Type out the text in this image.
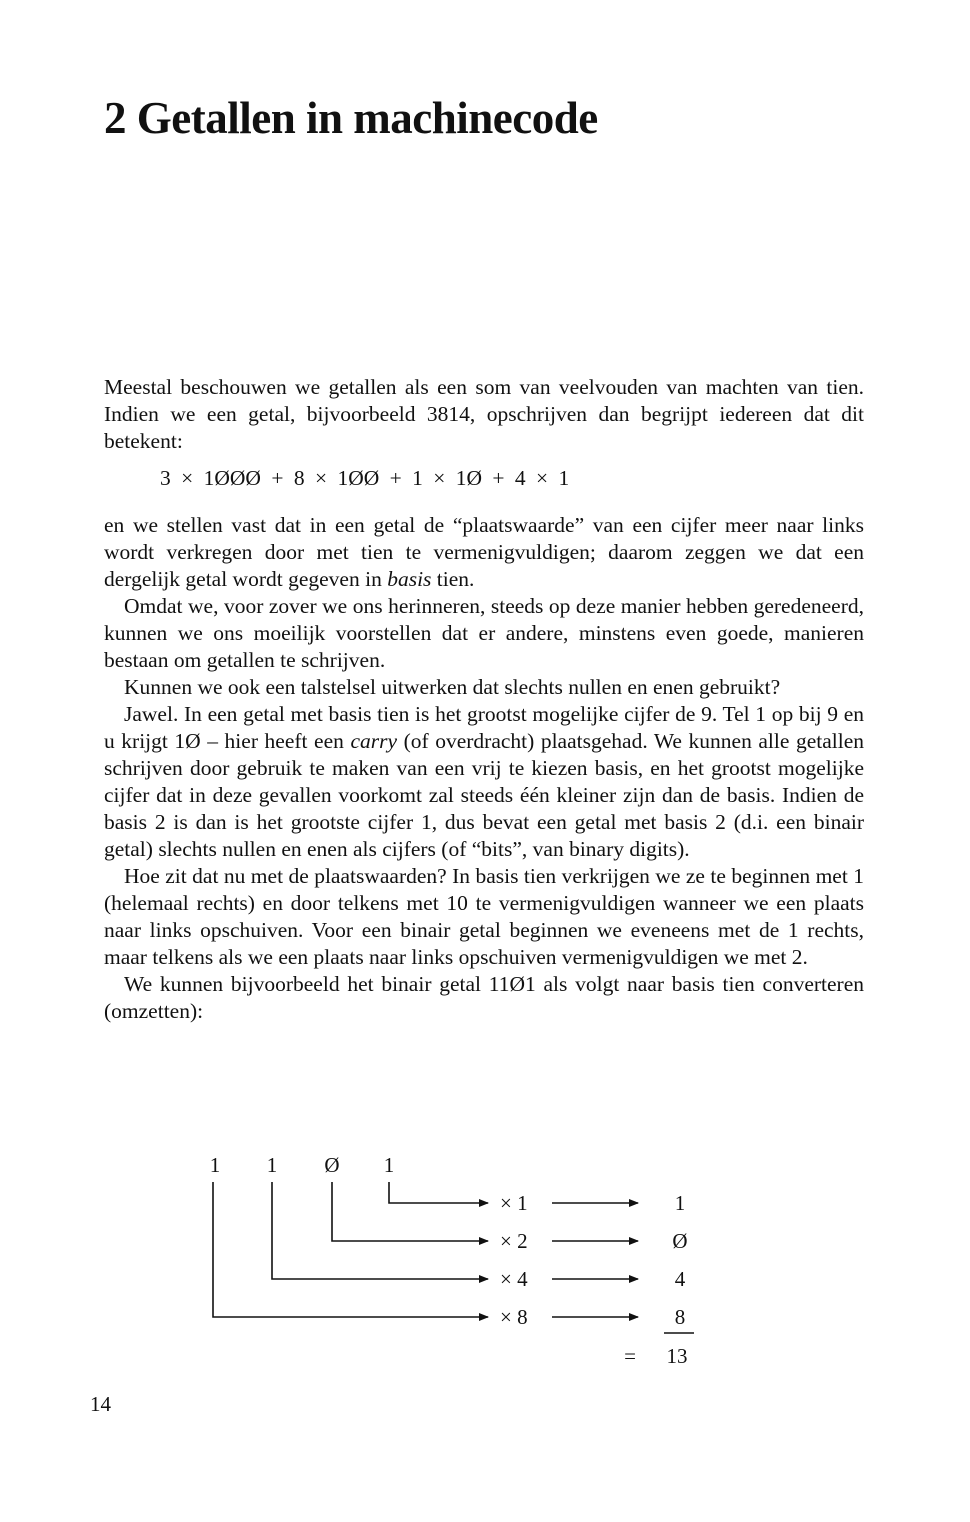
2 Getallen in machinecode

Meestal beschouwen we getallen als een som van veelvouden van machten van tien. Indien we een getal, bijvoorbeeld 3814, opschrijven dan begrijpt iedereen dat dit betekent:

3 × 1ØØØ + 8 × 1ØØ + 1 × 1Ø + 4 × 1

en we stellen vast dat in een getal de “plaatswaarde” van een cijfer meer naar links wordt verkregen door met tien te vermenigvuldigen; daarom zeggen we dat een dergelijk getal wordt gegeven in basis tien.

Omdat we, voor zover we ons herinneren, steeds op deze manier hebben geredeneerd, kunnen we ons moeilijk voorstellen dat er andere, minstens even goede, manieren bestaan om getallen te schrijven.

Kunnen we ook een talstelsel uitwerken dat slechts nullen en enen gebruikt?

Jawel. In een getal met basis tien is het grootst mogelijke cijfer de 9. Tel 1 op bij 9 en u krijgt 1Ø – hier heeft een carry (of overdracht) plaatsgehad. We kunnen alle getallen schrijven door gebruik te maken van een vrij te kiezen basis, en het grootst mogelijke cijfer dat in deze gevallen voorkomt zal steeds één kleiner zijn dan de basis. Indien de basis 2 is dan is het grootste cijfer 1, dus bevat een getal met basis 2 (d.i. een binair getal) slechts nullen en enen als cijfers (of “bits”, van binary digits).

Hoe zit dat nu met de plaatswaarden? In basis tien verkrijgen we ze te beginnen met 1 (helemaal rechts) en door telkens met 10 te vermenigvuldigen wanneer we een plaats naar links opschuiven. Voor een binair getal beginnen we eveneens met de 1 rechts, maar telkens als we een plaats naar links opschuiven vermenigvuldigen we met 2.

We kunnen bijvoorbeeld het binair getal 11Ø1 als volgt naar basis tien converteren (omzetten):

1 1 Ø 1
× 1
× 2
× 4
× 8
1
Ø
4
8
= 13
14
